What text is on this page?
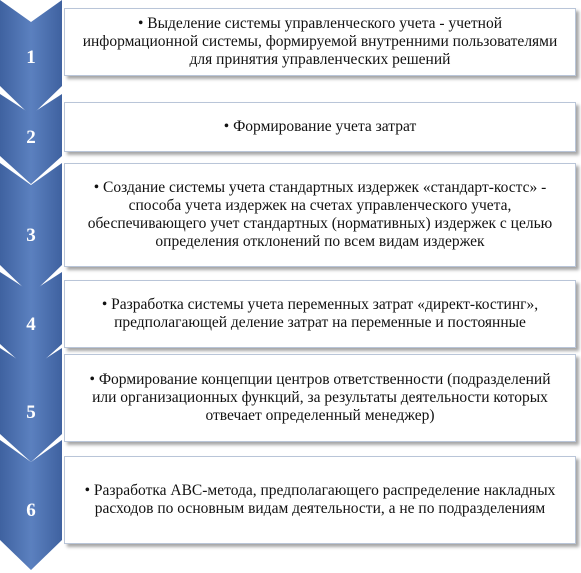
1
• Выделение системы управленческого учета - учетной информационной системы, формируемой внутренними пользователями для принятия управленческих решений
2
• Формирование учета затрат
3
• Создание системы учета стандартных издержек «стандарт-костс» - способа учета издержек на счетах управленческого учета, обеспечивающего учет стандартных (нормативных) издержек с целью определения отклонений по всем видам издержек
4
• Разработка системы учета переменных затрат «директ-костинг», предполагающей деление затрат на переменные и постоянные
5
• Формирование концепции центров ответственности (подразделений или организационных функций, за результаты деятельности которых отвечает определенный менеджер)
6
• Разработка АВС-метода, предполагающего распределение накладных расходов по основным видам деятельности, а не по подразделениям
